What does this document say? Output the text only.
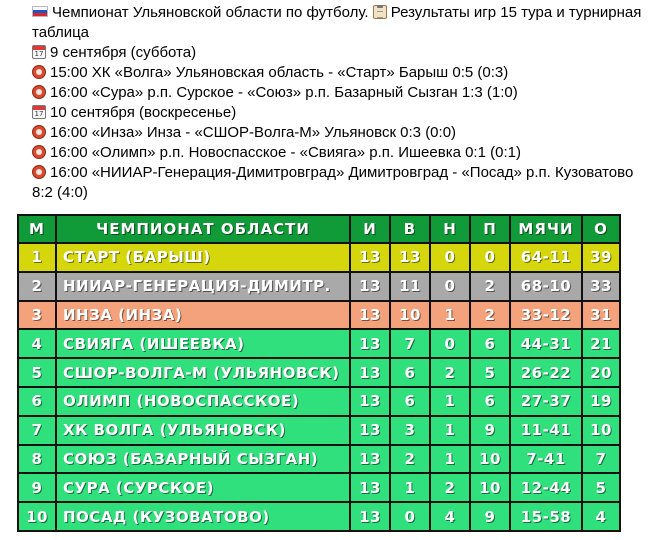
Чемпионат Ульяновской области по футболу. Результаты игр 15 тура и турнирная таблица
179 сентября (суббота)
15:00 ХК «Волга» Ульяновская область - «Старт» Барыш 0:5 (0:3)
16:00 «Сура» р.п. Сурское - «Союз» р.п. Базарный Сызган 1:3 (1:0)
1710 сентября (воскресенье)
16:00 «Инза» Инза - «СШОР-Волга-М» Ульяновск 0:3 (0:0)
16:00 «Олимп» р.п. Новоспасское - «Свияга» р.п. Ишеевка 0:1 (0:1)
16:00 «НИИАР-Генерация-Димитровград» Димитровград - «Посад» р.п. Кузоватово 8:2 (4:0)
М	ЧЕМПИОНАТ ОБЛАСТИ	И	В	Н	П	МЯЧИ	О
1	СТАРТ (БАРЫШ)	13	13	0	0	64-11	39
2	НИИАР-ГЕНЕРАЦИЯ-ДИМИТР.	13	11	0	2	68-10	33
3	ИНЗА (ИНЗА)	13	10	1	2	33-12	31
4	СВИЯГА (ИШЕЕВКА)	13	7	0	6	44-31	21
5	СШОР-ВОЛГА-М (УЛЬЯНОВСК)	13	6	2	5	26-22	20
6	ОЛИМП (НОВОСПАССКОЕ)	13	6	1	6	27-37	19
7	ХК ВОЛГА (УЛЬЯНОВСК)	13	3	1	9	11-41	10
8	СОЮЗ (БАЗАРНЫЙ СЫЗГАН)	13	2	1	10	7-41	7
9	СУРА (СУРСКОЕ)	13	1	2	10	12-44	5
10	ПОСАД (КУЗОВАТОВО)	13	0	4	9	15-58	4
